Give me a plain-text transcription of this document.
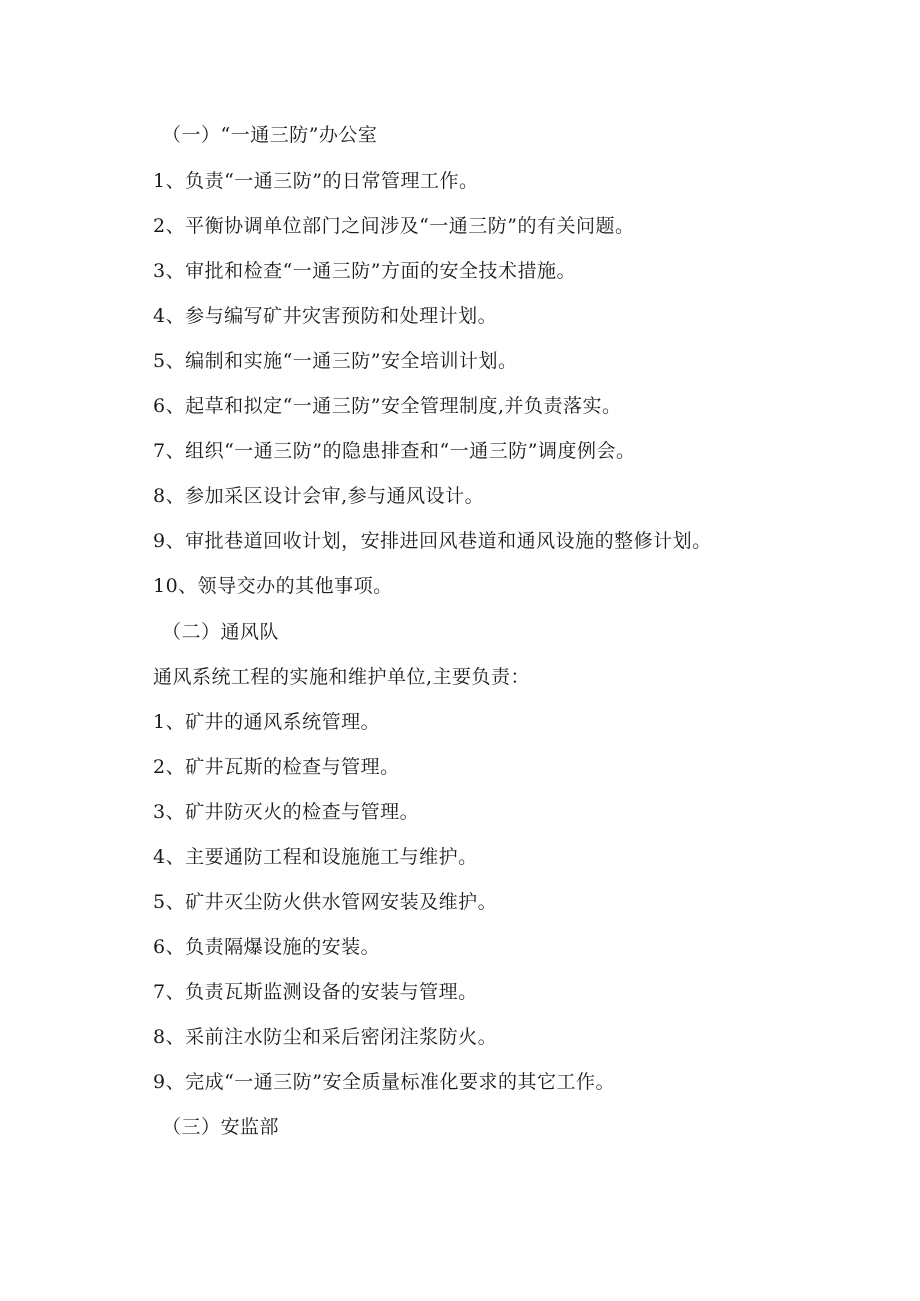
（一）“一通三防”办公室
1、负责“一通三防”的日常管理工作。
2、平衡协调单位部门之间涉及“一通三防”的有关问题。
3、审批和检查“一通三防”方面的安全技术措施。
4、参与编写矿井灾害预防和处理计划。
5、编制和实施“一通三防”安全培训计划。
6、起草和拟定“一通三防”安全管理制度,并负责落实。
7、组织“一通三防”的隐患排查和“一通三防”调度例会。
8、参加采区设计会审,参与通风设计。
9、审批巷道回收计划，安排进回风巷道和通风设施的整修计划。
10、领导交办的其他事项。
（二）通风队
通风系统工程的实施和维护单位,主要负责：
1、矿井的通风系统管理。
2、矿井瓦斯的检查与管理。
3、矿井防灭火的检查与管理。
4、主要通防工程和设施施工与维护。
5、矿井灭尘防火供水管网安装及维护。
6、负责隔爆设施的安装。
7、负责瓦斯监测设备的安装与管理。
8、采前注水防尘和采后密闭注浆防火。
9、完成“一通三防”安全质量标准化要求的其它工作。
（三）安监部
